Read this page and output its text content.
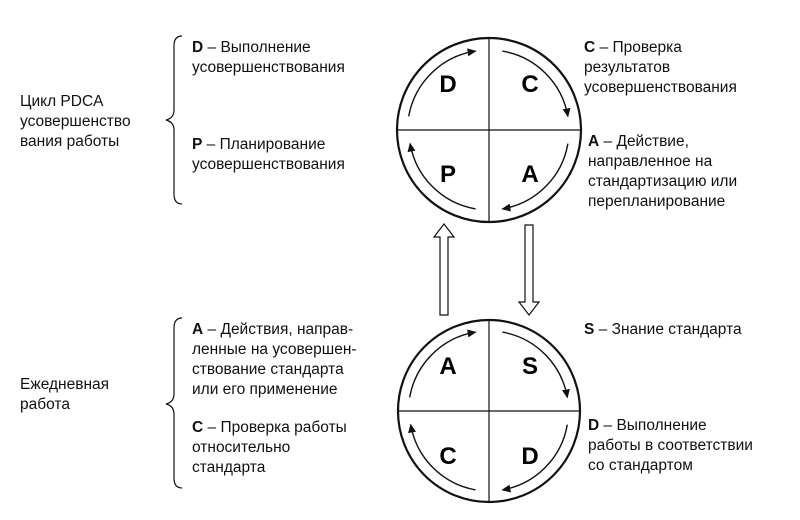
D	C
P	A
A	S
C	D
Цикл PDCA
усовершенство
вания работы
D – Выполнение
усовершенствования
P – Планирование
усовершенствования
C – Проверка
результатов
усовершенствования
A – Действие,
направленное на
стандартизацию или
перепланирование
Ежедневная
работа
A – Действия, направ-
ленные на усовершен-
ствование стандарта
или его применение
C – Проверка работы
относительно
стандарта
S – Знание стандарта
D – Выполнение
работы в соответствии
со стандартом
